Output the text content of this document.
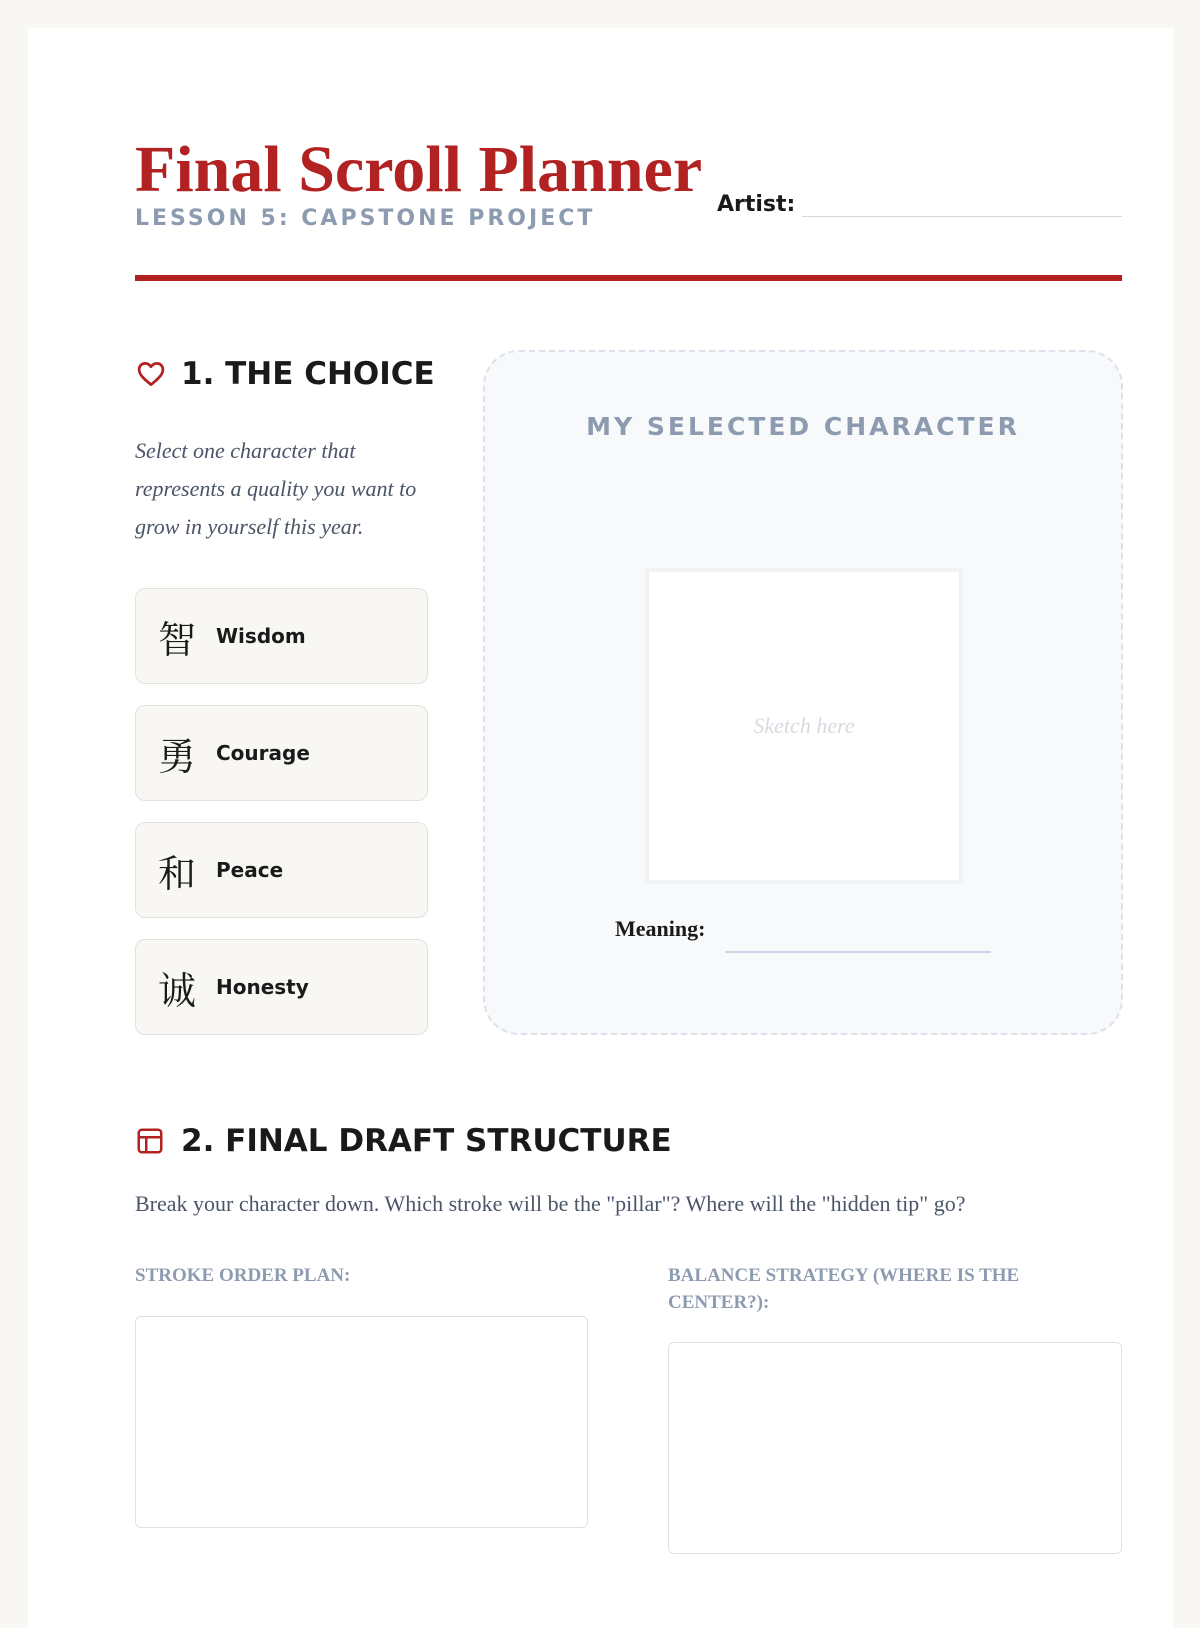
Final Scroll Planner
LESSON 5: CAPSTONE PROJECT
Artist:
1. THE CHOICE

Select one character that represents a quality you want to grow in yourself this year.

智 Wisdom
勇 Courage
和 Peace
诚 Honesty
MY SELECTED CHARACTER
Sketch here
Meaning:
2. FINAL DRAFT STRUCTURE

Break your character down. Which stroke will be the "pillar"? Where will the "hidden tip" go?

STROKE ORDER PLAN:	BALANCE STRATEGY (WHERE IS THE CENTER?):
